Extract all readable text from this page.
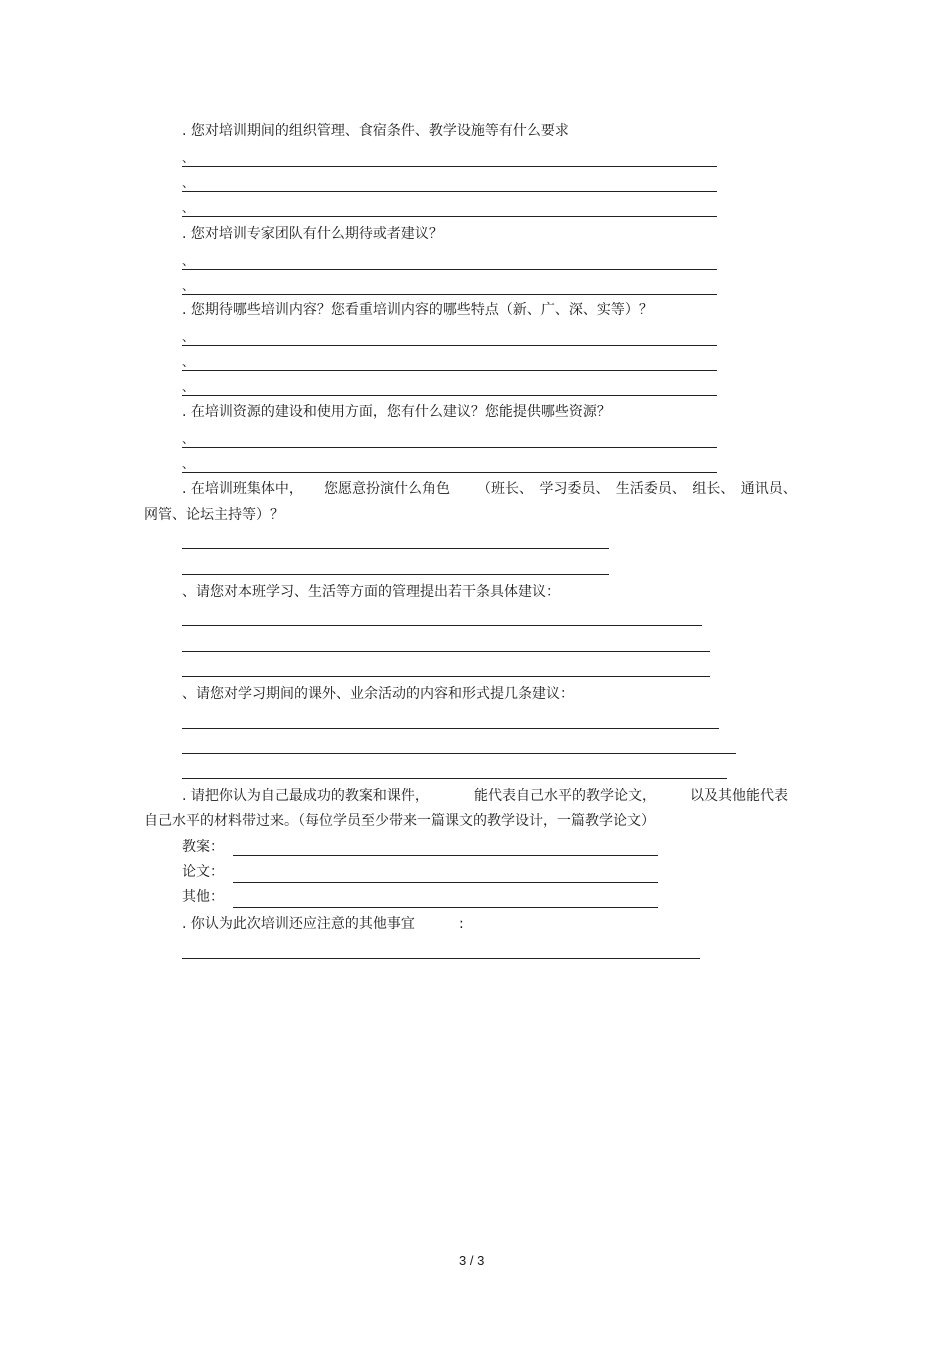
. 您对培训期间的组织管理、食宿条件、教学设施等有什么要求
、
、
、
. 您对培训专家团队有什么期待或者建议？
、
、
. 您期待哪些培训内容？您看重培训内容的哪些特点（新、广、深、实等）？
、
、
、
. 在培训资源的建设和使用方面，您有什么建议？您能提供哪些资源？
、
、
. 在培训班集体中， 您愿意扮演什么角色 （班长、 学习委员、 生活委员、 组长、 通讯员、
网管、论坛主持等）？
、请您对本班学习、生活等方面的管理提出若干条具体建议：
、请您对学习期间的课外、业余活动的内容和形式提几条建议：
. 请把你认为自己最成功的教案和课件，	能代表自己水平的教学论文， 以及其他能代表
自己水平的材料带过来。（每位学员至少带来一篇课文的教学设计，一篇教学论文）
教案：
论文：
其他：
. 你认为此次培训还应注意的其他事宜	:
3 / 3
